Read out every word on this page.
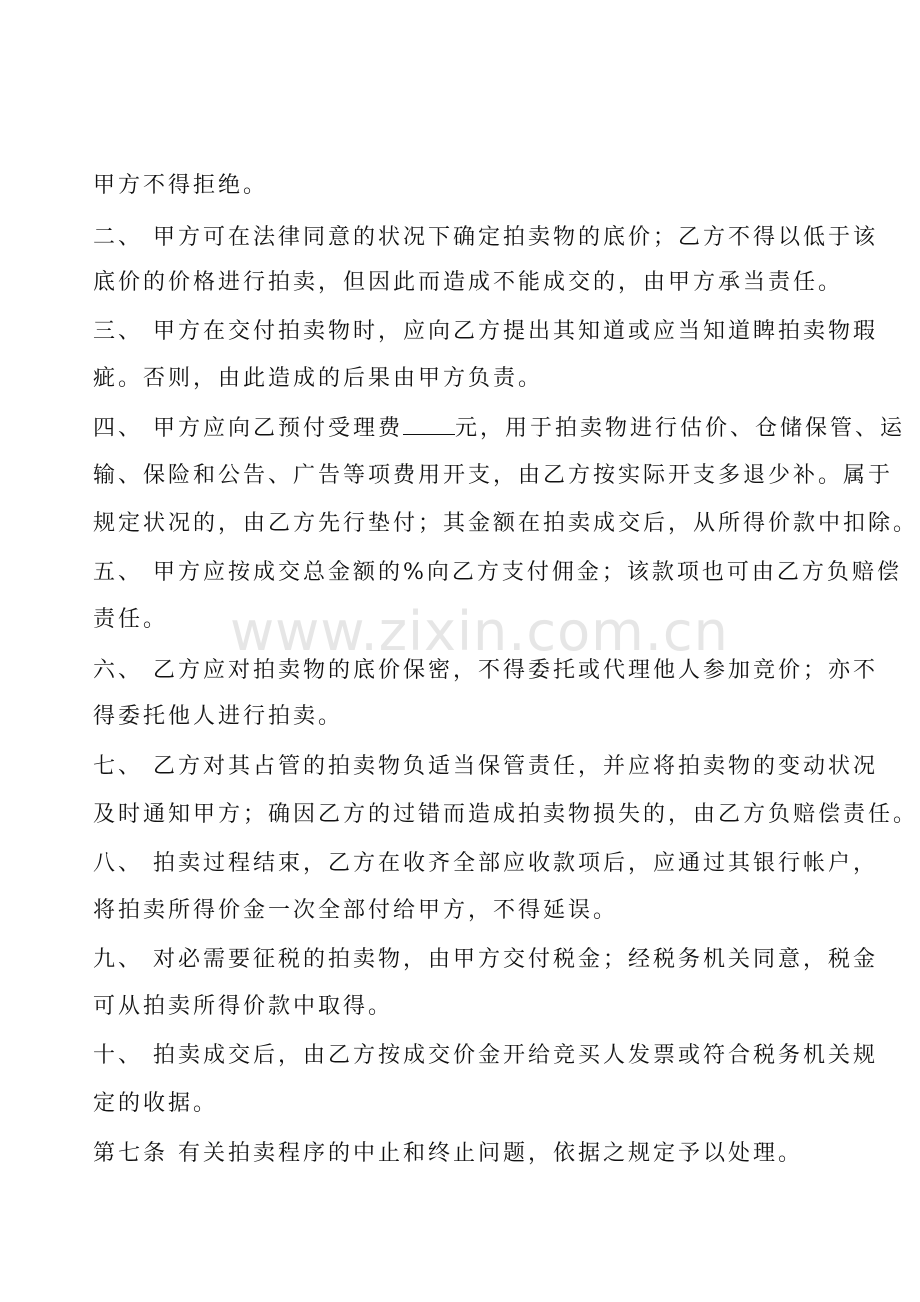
www.zixin.com.cn
甲方不得拒绝。
二、 甲方可在法律同意的状况下确定拍卖物的底价；乙方不得以低于该
底价的价格进行拍卖，但因此而造成不能成交的，由甲方承当责任。
三、 甲方在交付拍卖物时，应向乙方提出其知道或应当知道睥拍卖物瑕
疵。否则，由此造成的后果由甲方负责。
四、 甲方应向乙预付受理费 元，用于拍卖物进行估价、仓储保管、运
输、保险和公告、广告等项费用开支，由乙方按实际开支多退少补。属于
规定状况的，由乙方先行垫付；其金额在拍卖成交后，从所得价款中扣除。
五、 甲方应按成交总金额的%向乙方支付佣金；该款项也可由乙方负赔偿
责任。
六、 乙方应对拍卖物的底价保密，不得委托或代理他人参加竞价；亦不
得委托他人进行拍卖。
七、 乙方对其占管的拍卖物负适当保管责任，并应将拍卖物的变动状况
及时通知甲方；确因乙方的过错而造成拍卖物损失的，由乙方负赔偿责任。
八、 拍卖过程结束，乙方在收齐全部应收款项后，应通过其银行帐户，
将拍卖所得价金一次全部付给甲方，不得延误。
九、 对必需要征税的拍卖物，由甲方交付税金；经税务机关同意，税金
可从拍卖所得价款中取得。
十、 拍卖成交后，由乙方按成交价金开给竞买人发票或符合税务机关规
定的收据。
第七条 有关拍卖程序的中止和终止问题，依据之规定予以处理。
